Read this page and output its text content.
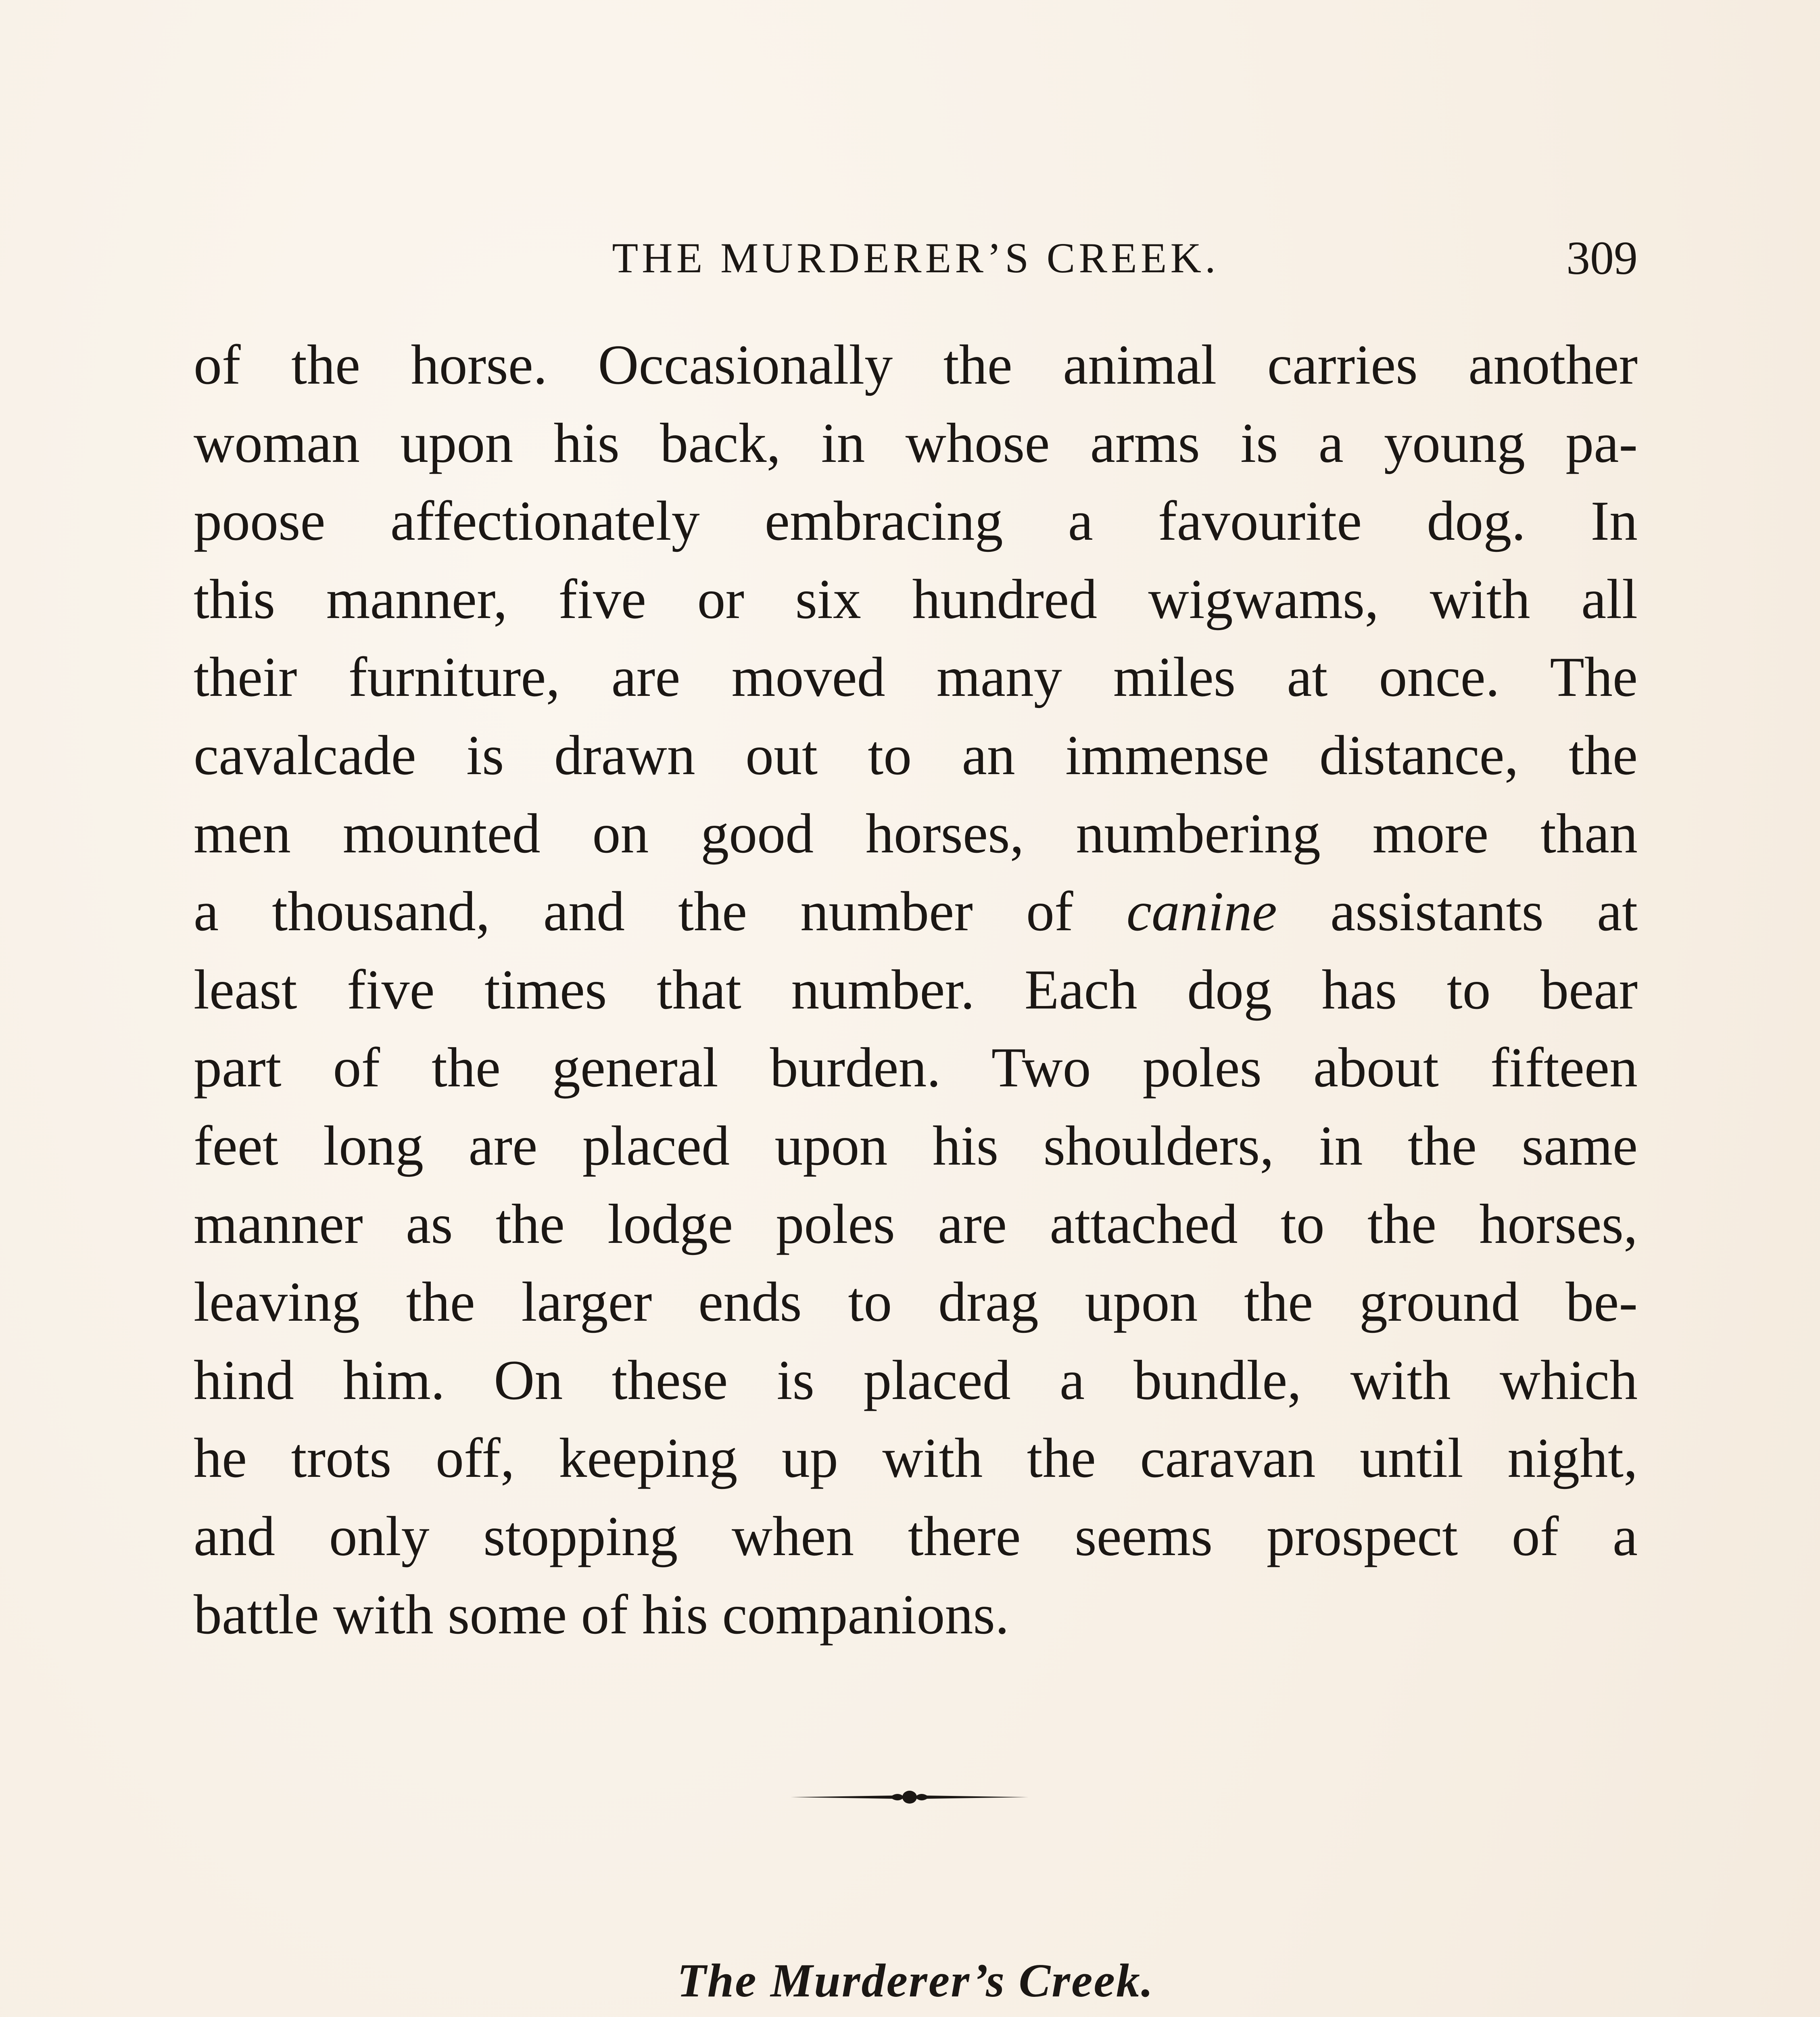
THE MURDERER’S CREEK.	309
of the horse. Occasionally the animal carries another
woman upon his back, in whose arms is a young pa-
poose affectionately embracing a favourite dog. In
this manner, five or six hundred wigwams, with all
their furniture, are moved many miles at once. The
cavalcade is drawn out to an immense distance, the
men mounted on good horses, numbering more than
a thousand, and the number of canine assistants at
least five times that number. Each dog has to bear
part of the general burden. Two poles about fifteen
feet long are placed upon his shoulders, in the same
manner as the lodge poles are attached to the horses,
leaving the larger ends to drag upon the ground be-
hind him. On these is placed a bundle, with which
he trots off, keeping up with the caravan until night,
and only stopping when there seems prospect of a
battle with some of his companions.
The Murderer’s Creek.
